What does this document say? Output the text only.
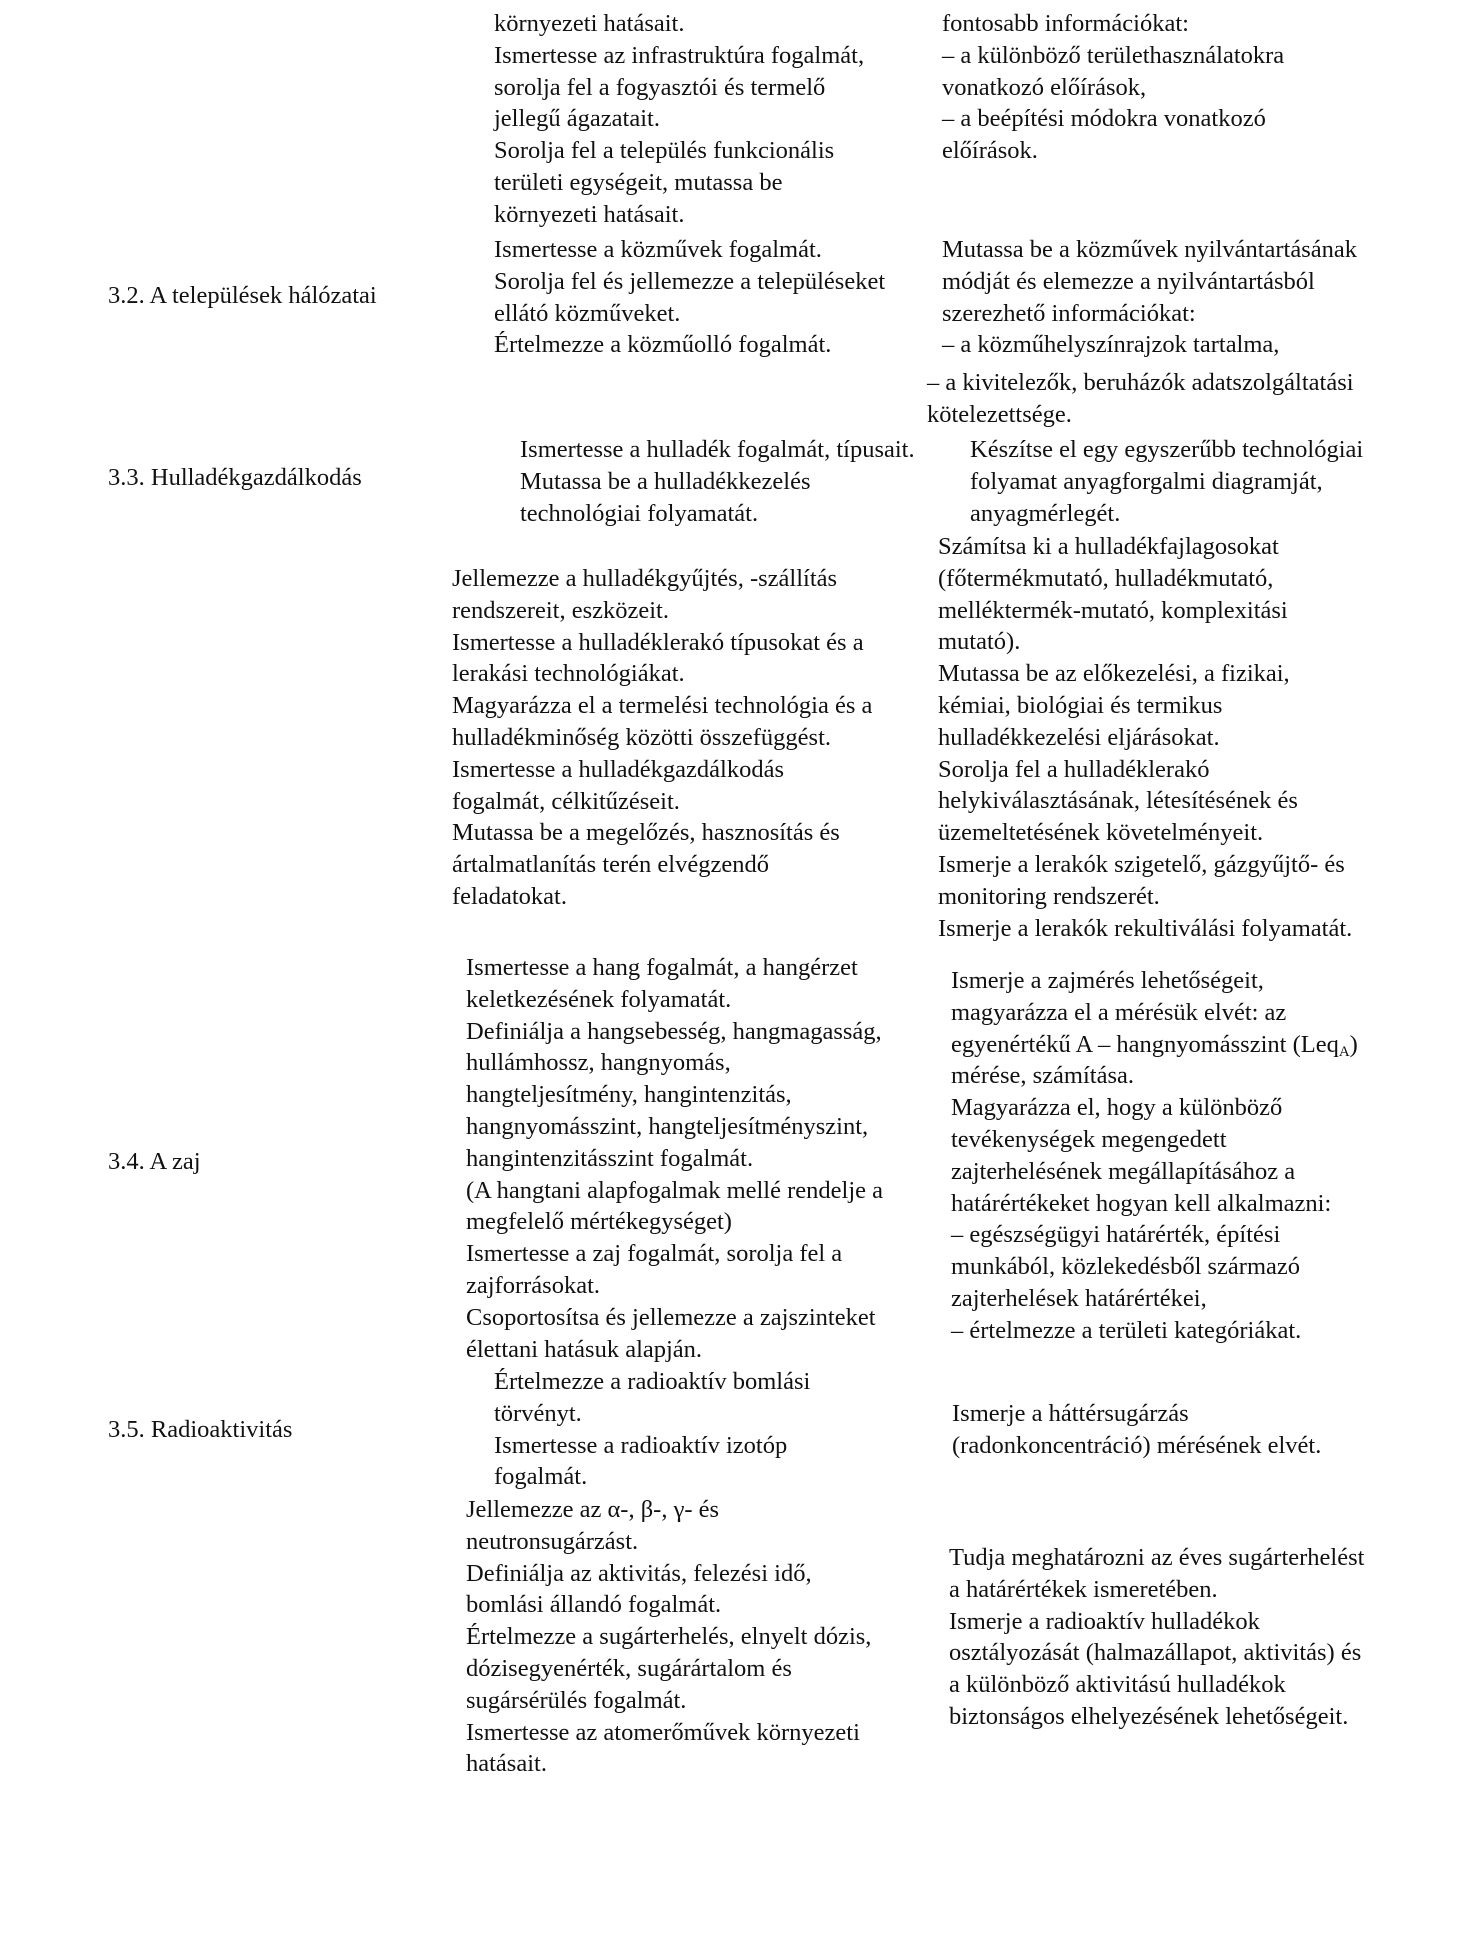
környezeti hatásait.
Ismertesse az infrastruktúra fogalmát,
sorolja fel a fogyasztói és termelő
jellegű ágazatait.
Sorolja fel a település funkcionális
területi egységeit, mutassa be
környezeti hatásait.
fontosabb információkat:
– a különböző területhasználatokra
vonatkozó előírások,
– a beépítési módokra vonatkozó
előírások.
3.2. A települések hálózatai
Ismertesse a közművek fogalmát.
Sorolja fel és jellemezze a településeket
ellátó közműveket.
Értelmezze a közműolló fogalmát.
Mutassa be a közművek nyilvántartásának
módját és elemezze a nyilvántartásból
szerezhető információkat:
– a közműhelyszínrajzok tartalma,
– a kivitelezők, beruházók adatszolgáltatási
kötelezettsége.
3.3. Hulladékgazdálkodás
Ismertesse a hulladék fogalmát, típusait.
Mutassa be a hulladékkezelés
technológiai folyamatát.
Készítse el egy egyszerűbb technológiai
folyamat anyagforgalmi diagramját,
anyagmérlegét.
Jellemezze a hulladékgyűjtés, -szállítás
rendszereit, eszközeit.
Ismertesse a hulladéklerakó típusokat és a
lerakási technológiákat.
Magyarázza el a termelési technológia és a
hulladékminőség közötti összefüggést.
Ismertesse a hulladékgazdálkodás
fogalmát, célkitűzéseit.
Mutassa be a megelőzés, hasznosítás és
ártalmatlanítás terén elvégzendő
feladatokat.
Számítsa ki a hulladékfajlagosokat
(főtermékmutató, hulladékmutató,
melléktermék-mutató, komplexitási
mutató).
Mutassa be az előkezelési, a fizikai,
kémiai, biológiai és termikus
hulladékkezelési eljárásokat.
Sorolja fel a hulladéklerakó
helykiválasztásának, létesítésének és
üzemeltetésének követelményeit.
Ismerje a lerakók szigetelő, gázgyűjtő- és
monitoring rendszerét.
Ismerje a lerakók rekultiválási folyamatát.
3.4. A zaj
Ismertesse a hang fogalmát, a hangérzet
keletkezésének folyamatát.
Definiálja a hangsebesség, hangmagasság,
hullámhossz, hangnyomás,
hangteljesítmény, hangintenzitás,
hangnyomásszint, hangteljesítményszint,
hangintenzitásszint fogalmát.
(A hangtani alapfogalmak mellé rendelje a
megfelelő mértékegységet)
Ismertesse a zaj fogalmát, sorolja fel a
zajforrásokat.
Csoportosítsa és jellemezze a zajszinteket
élettani hatásuk alapján.
Ismerje a zajmérés lehetőségeit,
magyarázza el a mérésük elvét: az
egyenértékű A – hangnyomásszint (Leq$_A$)
mérése, számítása.
Magyarázza el, hogy a különböző
tevékenységek megengedett
zajterhelésének megállapításához a
határértékeket hogyan kell alkalmazni:
– egészségügyi határérték, építési
munkából, közlekedésből származó
zajterhelések határértékei,
– értelmezze a területi kategóriákat.
3.5. Radioaktivitás
Értelmezze a radioaktív bomlási
törvényt.
Ismertesse a radioaktív izotóp
fogalmát.
Ismerje a háttérsugárzás
(radonkoncentráció) mérésének elvét.
Jellemezze az α-, β-, γ- és
neutronsugárzást.
Definiálja az aktivitás, felezési idő,
bomlási állandó fogalmát.
Értelmezze a sugárterhelés, elnyelt dózis,
dózisegyenérték, sugárártalom és
sugársérülés fogalmát.
Ismertesse az atomerőművek környezeti
hatásait.
Tudja meghatározni az éves sugárterhelést
a határértékek ismeretében.
Ismerje a radioaktív hulladékok
osztályozását (halmazállapot, aktivitás) és
a különböző aktivitású hulladékok
biztonságos elhelyezésének lehetőségeit.
